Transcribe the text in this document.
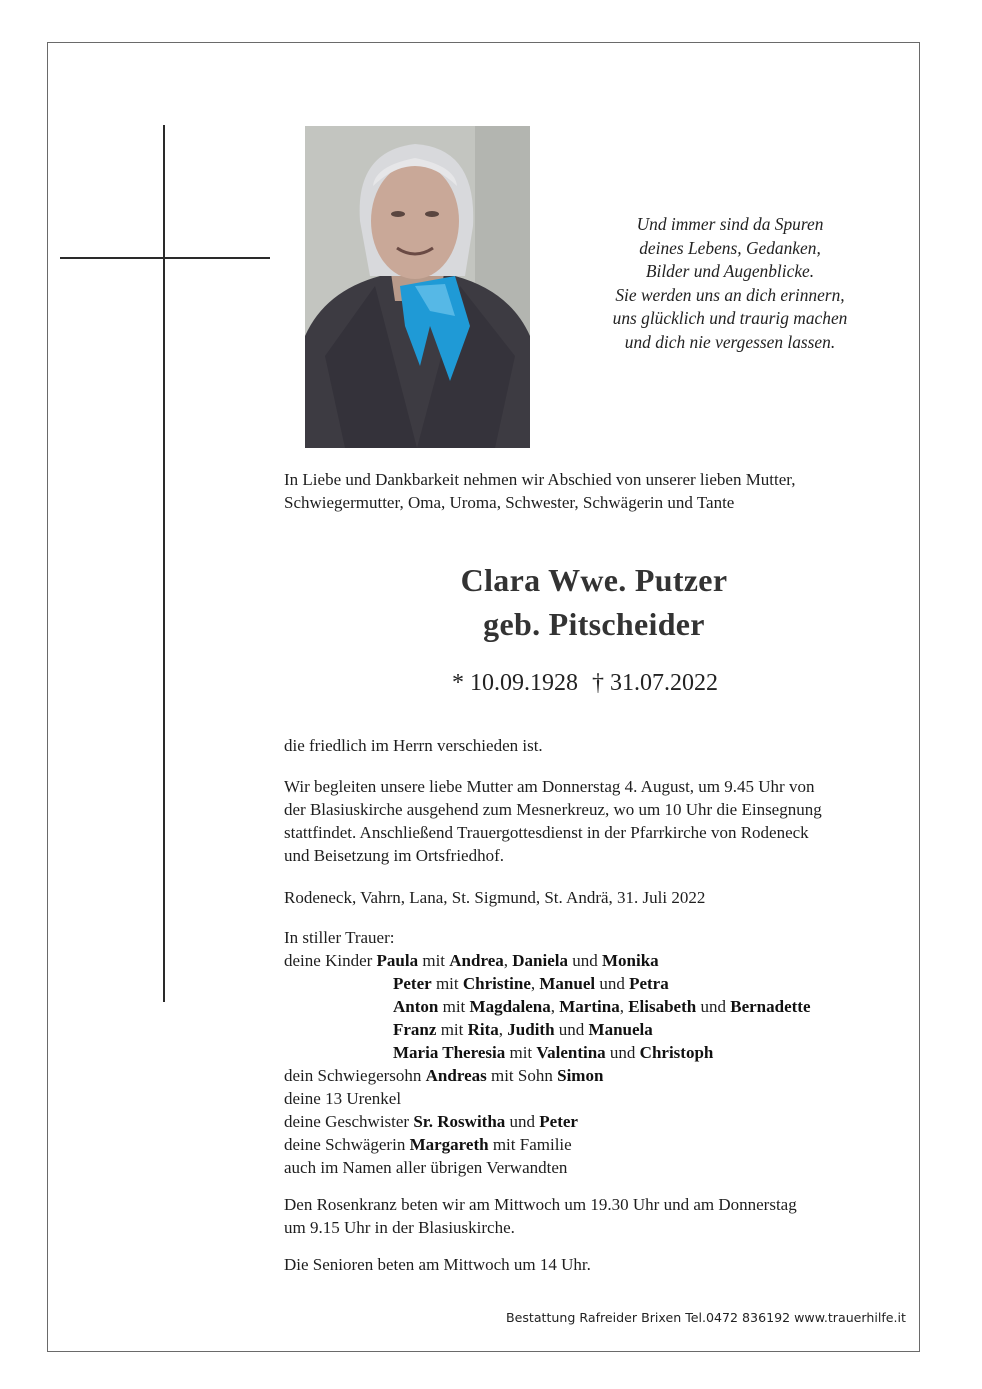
Und immer sind da Spuren
deines Lebens, Gedanken,
Bilder und Augenblicke.
Sie werden uns an dich erinnern,
uns glücklich und traurig machen
und dich nie vergessen lassen.
In Liebe und Dankbarkeit nehmen wir Abschied von unserer lieben Mutter,
Schwiegermutter, Oma, Uroma, Schwester, Schwägerin und Tante
Clara Wwe. Putzer
geb. Pitscheider
* 10.09.1928 † 31.07.2022
die friedlich im Herrn verschieden ist.
Wir begleiten unsere liebe Mutter am Donnerstag 4. August, um 9.45 Uhr von
der Blasiuskirche ausgehend zum Mesnerkreuz, wo um 10 Uhr die Einsegnung
stattfindet. Anschließend Trauergottesdienst in der Pfarrkirche von Rodeneck
und Beisetzung im Ortsfriedhof.
Rodeneck, Vahrn, Lana, St. Sigmund, St. Andrä, 31. Juli 2022
In stiller Trauer:
deine Kinder Paula mit Andrea, Daniela und Monika
Peter mit Christine, Manuel und Petra
Anton mit Magdalena, Martina, Elisabeth und Bernadette
Franz mit Rita, Judith und Manuela
Maria Theresia mit Valentina und Christoph
dein Schwiegersohn Andreas mit Sohn Simon
deine 13 Urenkel
deine Geschwister Sr. Roswitha und Peter
deine Schwägerin Margareth mit Familie
auch im Namen aller übrigen Verwandten
Den Rosenkranz beten wir am Mittwoch um 19.30 Uhr und am Donnerstag
um 9.15 Uhr in der Blasiuskirche.
Die Senioren beten am Mittwoch um 14 Uhr.
Bestattung Rafreider Brixen Tel.0472 836192 www.trauerhilfe.it
